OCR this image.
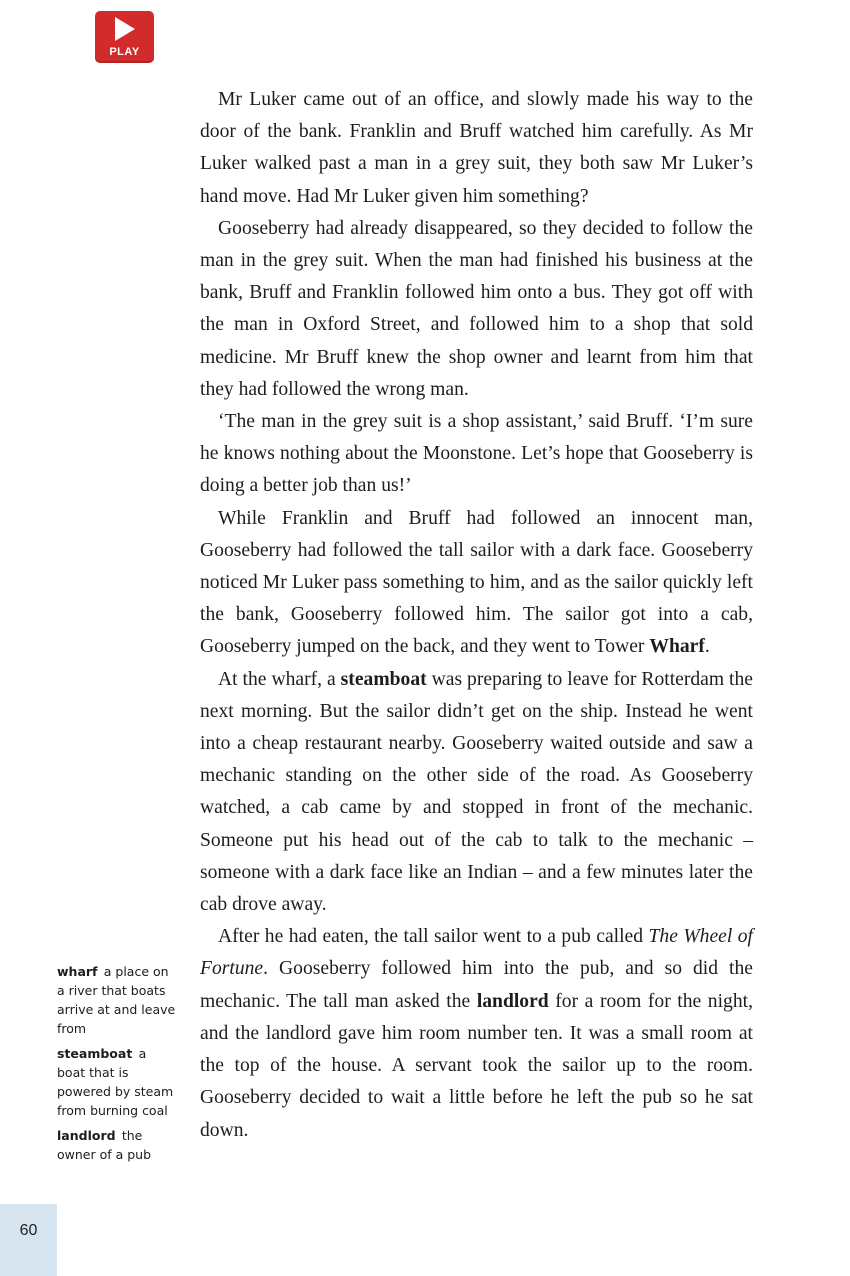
PLAY

Mr Luker came out of an office, and slowly made his way to the door of the bank. Franklin and Bruff watched him carefully. As Mr Luker walked past a man in a grey suit, they both saw Mr Luker’s hand move. Had Mr Luker given him something?

Gooseberry had already disappeared, so they decided to follow the man in the grey suit. When the man had finished his business at the bank, Bruff and Franklin followed him onto a bus. They got off with the man in Oxford Street, and followed him to a shop that sold medicine. Mr Bruff knew the shop owner and learnt from him that they had followed the wrong man.

‘The man in the grey suit is a shop assistant,’ said Bruff. ‘I’m sure he knows nothing about the Moonstone. Let’s hope that Gooseberry is doing a better job than us!’

While Franklin and Bruff had followed an innocent man, Gooseberry had followed the tall sailor with a dark face. Gooseberry noticed Mr Luker pass something to him, and as the sailor quickly left the bank, Gooseberry followed him. The sailor got into a cab, Gooseberry jumped on the back, and they went to Tower Wharf.

At the wharf, a steamboat was preparing to leave for Rotterdam the next morning. But the sailor didn’t get on the ship. Instead he went into a cheap restaurant nearby. Gooseberry waited outside and saw a mechanic standing on the other side of the road. As Gooseberry watched, a cab came by and stopped in front of the mechanic. Someone put his head out of the cab to talk to the mechanic – someone with a dark face like an Indian – and a few minutes later the cab drove away.

After he had eaten, the tall sailor went to a pub called The Wheel of Fortune. Gooseberry followed him into the pub, and so did the mechanic. The tall man asked the landlord for a room for the night, and the landlord gave him room number ten. It was a small room at the top of the house. A servant took the sailor up to the room. Gooseberry decided to wait a little before he left the pub so he sat down.

wharf  a place on a river that boats arrive at and leave from
steamboat  a boat that is powered by steam from burning coal
landlord  the owner of a pub
60
